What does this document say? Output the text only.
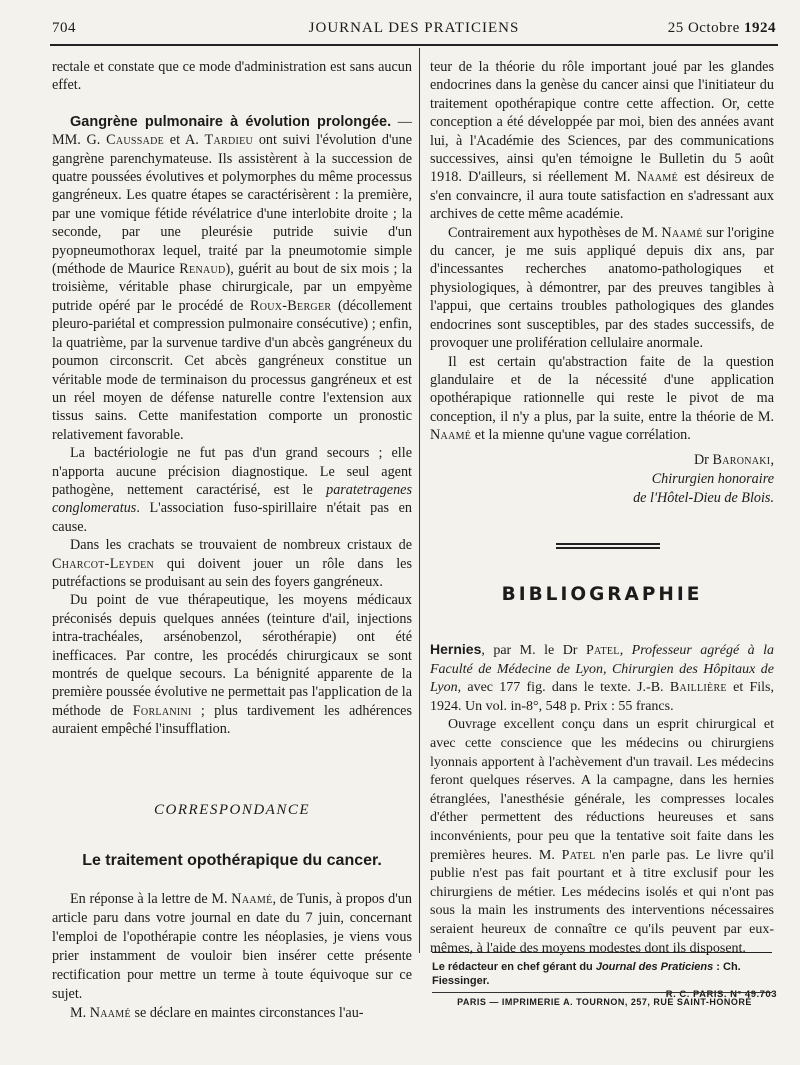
704	JOURNAL DES PRATICIENS	25 Octobre 1924

rectale et constate que ce mode d'administration est sans aucun effet.

Gangrène pulmonaire à évolution prolongée. — MM. G. Caussade et A. Tardieu ont suivi l'évolution d'une gangrène parenchymateuse. Ils assistèrent à la succession de quatre poussées évolutives et polymorphes du même processus gangréneux. Les quatre étapes se caractérisèrent : la première, par une vomique fétide révélatrice d'une interlobite droite ; la seconde, par une pleurésie putride suivie d'un pyopneumothorax lequel, traité par la pneumotomie simple (méthode de Maurice Renaud), guérit au bout de six mois ; la troisième, véritable phase chirurgicale, par un empyème putride opéré par le procédé de Roux-Berger (décollement pleuro-pariétal et compression pulmonaire consécutive) ; enfin, la quatrième, par la survenue tardive d'un abcès gangréneux du poumon circonscrit. Cet abcès gangréneux constitue un véritable mode de terminaison du processus gangréneux et est un réel moyen de défense naturelle contre l'extension aux tissus sains. Cette manifestation comporte un pronostic relativement favorable.

La bactériologie ne fut pas d'un grand secours ; elle n'apporta aucune précision diagnostique. Le seul agent pathogène, nettement caractérisé, est le paratetragenes conglomeratus. L'association fuso-spirillaire n'était pas en cause.

Dans les crachats se trouvaient de nombreux cristaux de Charcot-Leyden qui doivent jouer un rôle dans les putréfactions se produisant au sein des foyers gangréneux.

Du point de vue thérapeutique, les moyens médicaux préconisés depuis quelques années (teinture d'ail, injections intra-trachéales, arsénobenzol, sérothérapie) ont été inefficaces. Par contre, les procédés chirurgicaux se sont montrés de quelque secours. La bénignité apparente de la première poussée évolutive ne permettait pas l'application de la méthode de Forlanini ; plus tardivement les adhérences auraient empêché l'insufflation.

CORRESPONDANCE
Le traitement opothérapique du cancer.

En réponse à la lettre de M. Naamé, de Tunis, à propos d'un article paru dans votre journal en date du 7 juin, concernant l'emploi de l'opothérapie contre les néoplasies, je viens vous prier instamment de vouloir bien insérer cette présente rectification pour mettre un terme à toute équivoque sur ce sujet.

M. Naamé se déclare en maintes circonstances l'au-

teur de la théorie du rôle important joué par les glandes endocrines dans la genèse du cancer ainsi que l'initiateur du traitement opothérapique contre cette affection. Or, cette conception a été développée par moi, bien des années avant lui, à l'Académie des Sciences, par des communications successives, ainsi qu'en témoigne le Bulletin du 5 août 1918. D'ailleurs, si réellement M. Naamé est désireux de s'en convaincre, il aura toute satisfaction en s'adressant aux archives de cette même académie.

Contrairement aux hypothèses de M. Naamé sur l'origine du cancer, je me suis appliqué depuis dix ans, par d'incessantes recherches anatomo-pathologiques et physiologiques, à démontrer, par des preuves tangibles à l'appui, que certains troubles pathologiques des glandes endocrines sont susceptibles, par des stades successifs, de provoquer une prolifération cellulaire anormale.

Il est certain qu'abstraction faite de la question glandulaire et de la nécessité d'une application opothérapique rationnelle qui reste le pivot de ma conception, il n'y a plus, par la suite, entre la théorie de M. Naamé et la mienne qu'une vague corrélation.

Dr Baronaki,
Chirurgien honoraire
de l'Hôtel-Dieu de Blois.
BIBLIOGRAPHIE

Hernies, par M. le Dr Patel, Professeur agrégé à la Faculté de Médecine de Lyon, Chirurgien des Hôpitaux de Lyon, avec 177 fig. dans le texte. J.-B. Baillière et Fils, 1924. Un vol. in-8°, 548 p. Prix : 55 francs.

Ouvrage excellent conçu dans un esprit chirurgical et avec cette conscience que les médecins ou chirurgiens lyonnais apportent à l'achèvement d'un travail. Les médecins feront quelques réserves. A la campagne, dans les hernies étranglées, l'anesthésie générale, les compresses locales d'éther permettent des réductions heureuses et sans inconvénients, pour peu que la tentative soit faite dans les premières heures. M. Patel n'en parle pas. Le livre qu'il publie n'est pas fait pourtant et à titre exclusif pour les chirurgiens de métier. Les médecins isolés et qui n'ont pas sous la main les instruments des interventions nécessaires seraient heureux de connaître ce qu'ils peuvent par eux-mêmes, à l'aide des moyens modestes dont ils disposent.

Le rédacteur en chef gérant du Journal des Praticiens : Ch. Fiessinger.
R. C. PARIS. N° 49.703
PARIS — IMPRIMERIE A. TOURNON, 257, RUE SAINT-HONORÉ
